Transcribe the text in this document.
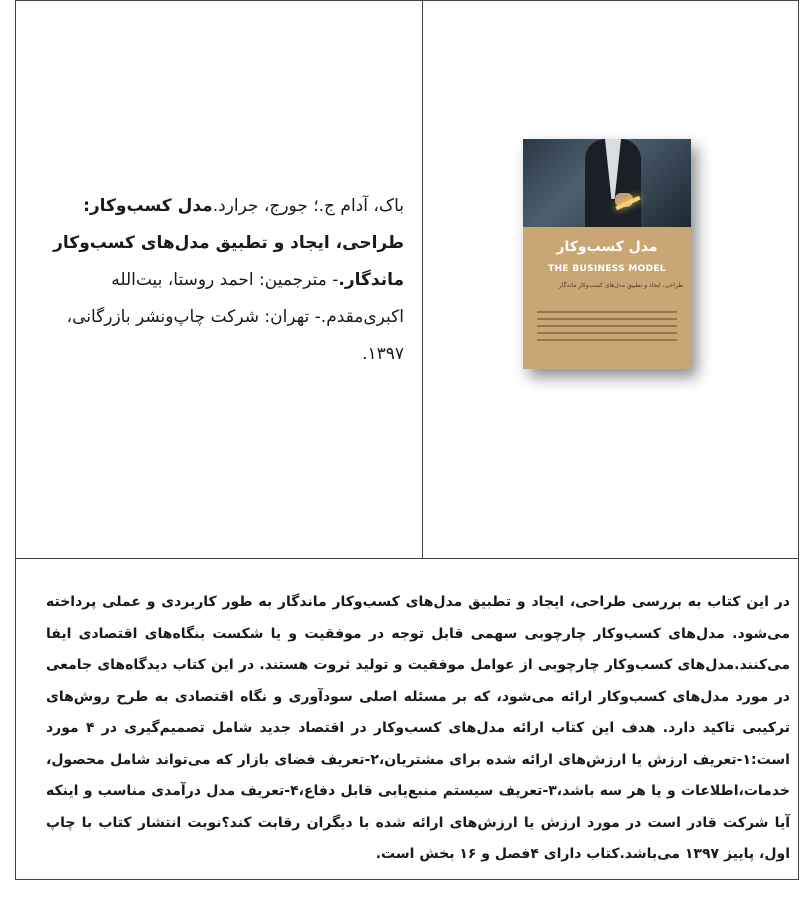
باک، آدام ج.؛ جورج، جرارد.مدل کسب‌وکار: طراحی، ایجاد و تطبیق مدل‌های کسب‌وکار ماندگار.- مترجمین: احمد روستا، بیت‌الله اکبری‌مقدم.- تهران: شرکت چاپ‌ونشر بازرگانی، ۱۳۹۷.
مدل کسب‌وکار
THE BUSINESS MODEL
طراحی، ایجاد و تطبیق مدل‌های کسب‌وکار ماندگار
در این کتاب به بررسی طراحی، ایجاد و تطبیق مدل‌های کسب‌وکار ماندگار به طور کاربردی و عملی پرداخته می‌شود. مدل‌های کسب‌وکار چارچوبی سهمی قابل توجه در موفقیت و یا شکست بنگاه‌های اقتصادی ایفا می‌کنند.مدل‌های کسب‌وکار چارچوبی از عوامل موفقیت و تولید ثروت هستند. در این کتاب دیدگاه‌های جامعی در مورد مدل‌های کسب‌وکار ارائه می‌شود، که بر مسئله اصلی سودآوری و نگاه اقتصادی به طرح روش‌های ترکیبی تاکید دارد. هدف این کتاب ارائه مدل‌های کسب‌وکار در اقتصاد جدید شامل تصمیم‌گیری در ۴ مورد است:۱-تعریف ارزش یا ارزش‌های ارائه شده برای مشتریان،۲-تعریف فضای بازار که می‌تواند شامل محصول، خدمات،اطلاعات و یا هر سه باشد،۳-تعریف سیستم منبع‌یابی قابل دفاع،۴-تعریف مدل درآمدی مناسب و اینکه آیا شرکت قادر است در مورد ارزش یا ارزش‌های ارائه شده با دیگران رقابت کند؟نوبت انتشار کتاب با چاپ اول، پاییز ۱۳۹۷ می‌باشد.کتاب دارای ۴فصل و ۱۶ بخش است.
